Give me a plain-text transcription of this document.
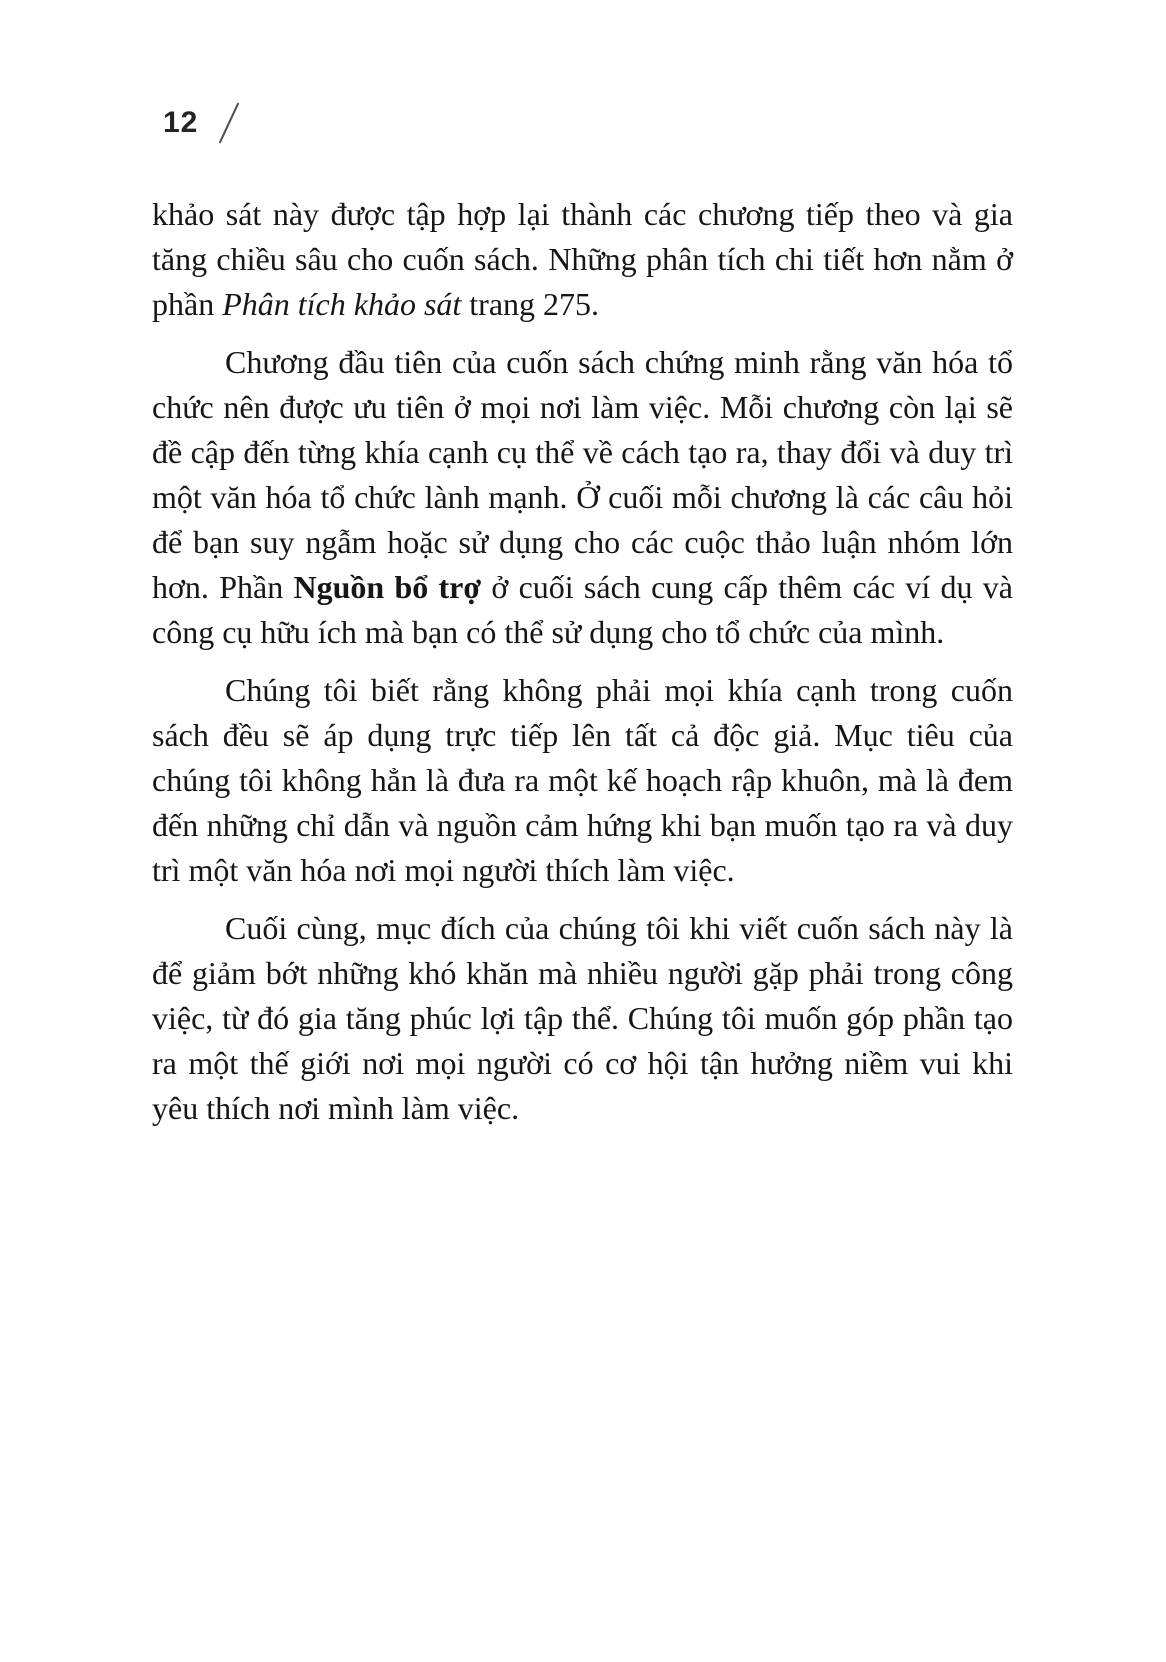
12

khảo sát này được tập hợp lại thành các chương tiếp theo và gia tăng chiều sâu cho cuốn sách. Những phân tích chi tiết hơn nằm ở phần Phân tích khảo sát trang 275.

Chương đầu tiên của cuốn sách chứng minh rằng văn hóa tổ chức nên được ưu tiên ở mọi nơi làm việc. Mỗi chương còn lại sẽ đề cập đến từng khía cạnh cụ thể về cách tạo ra, thay đổi và duy trì một văn hóa tổ chức lành mạnh. Ở cuối mỗi chương là các câu hỏi để bạn suy ngẫm hoặc sử dụng cho các cuộc thảo luận nhóm lớn hơn. Phần Nguồn bổ trợ ở cuối sách cung cấp thêm các ví dụ và công cụ hữu ích mà bạn có thể sử dụng cho tổ chức của mình.

Chúng tôi biết rằng không phải mọi khía cạnh trong cuốn sách đều sẽ áp dụng trực tiếp lên tất cả độc giả. Mục tiêu của chúng tôi không hẳn là đưa ra một kế hoạch rập khuôn, mà là đem đến những chỉ dẫn và nguồn cảm hứng khi bạn muốn tạo ra và duy trì một văn hóa nơi mọi người thích làm việc.

Cuối cùng, mục đích của chúng tôi khi viết cuốn sách này là để giảm bớt những khó khăn mà nhiều người gặp phải trong công việc, từ đó gia tăng phúc lợi tập thể. Chúng tôi muốn góp phần tạo ra một thế giới nơi mọi người có cơ hội tận hưởng niềm vui khi yêu thích nơi mình làm việc.
